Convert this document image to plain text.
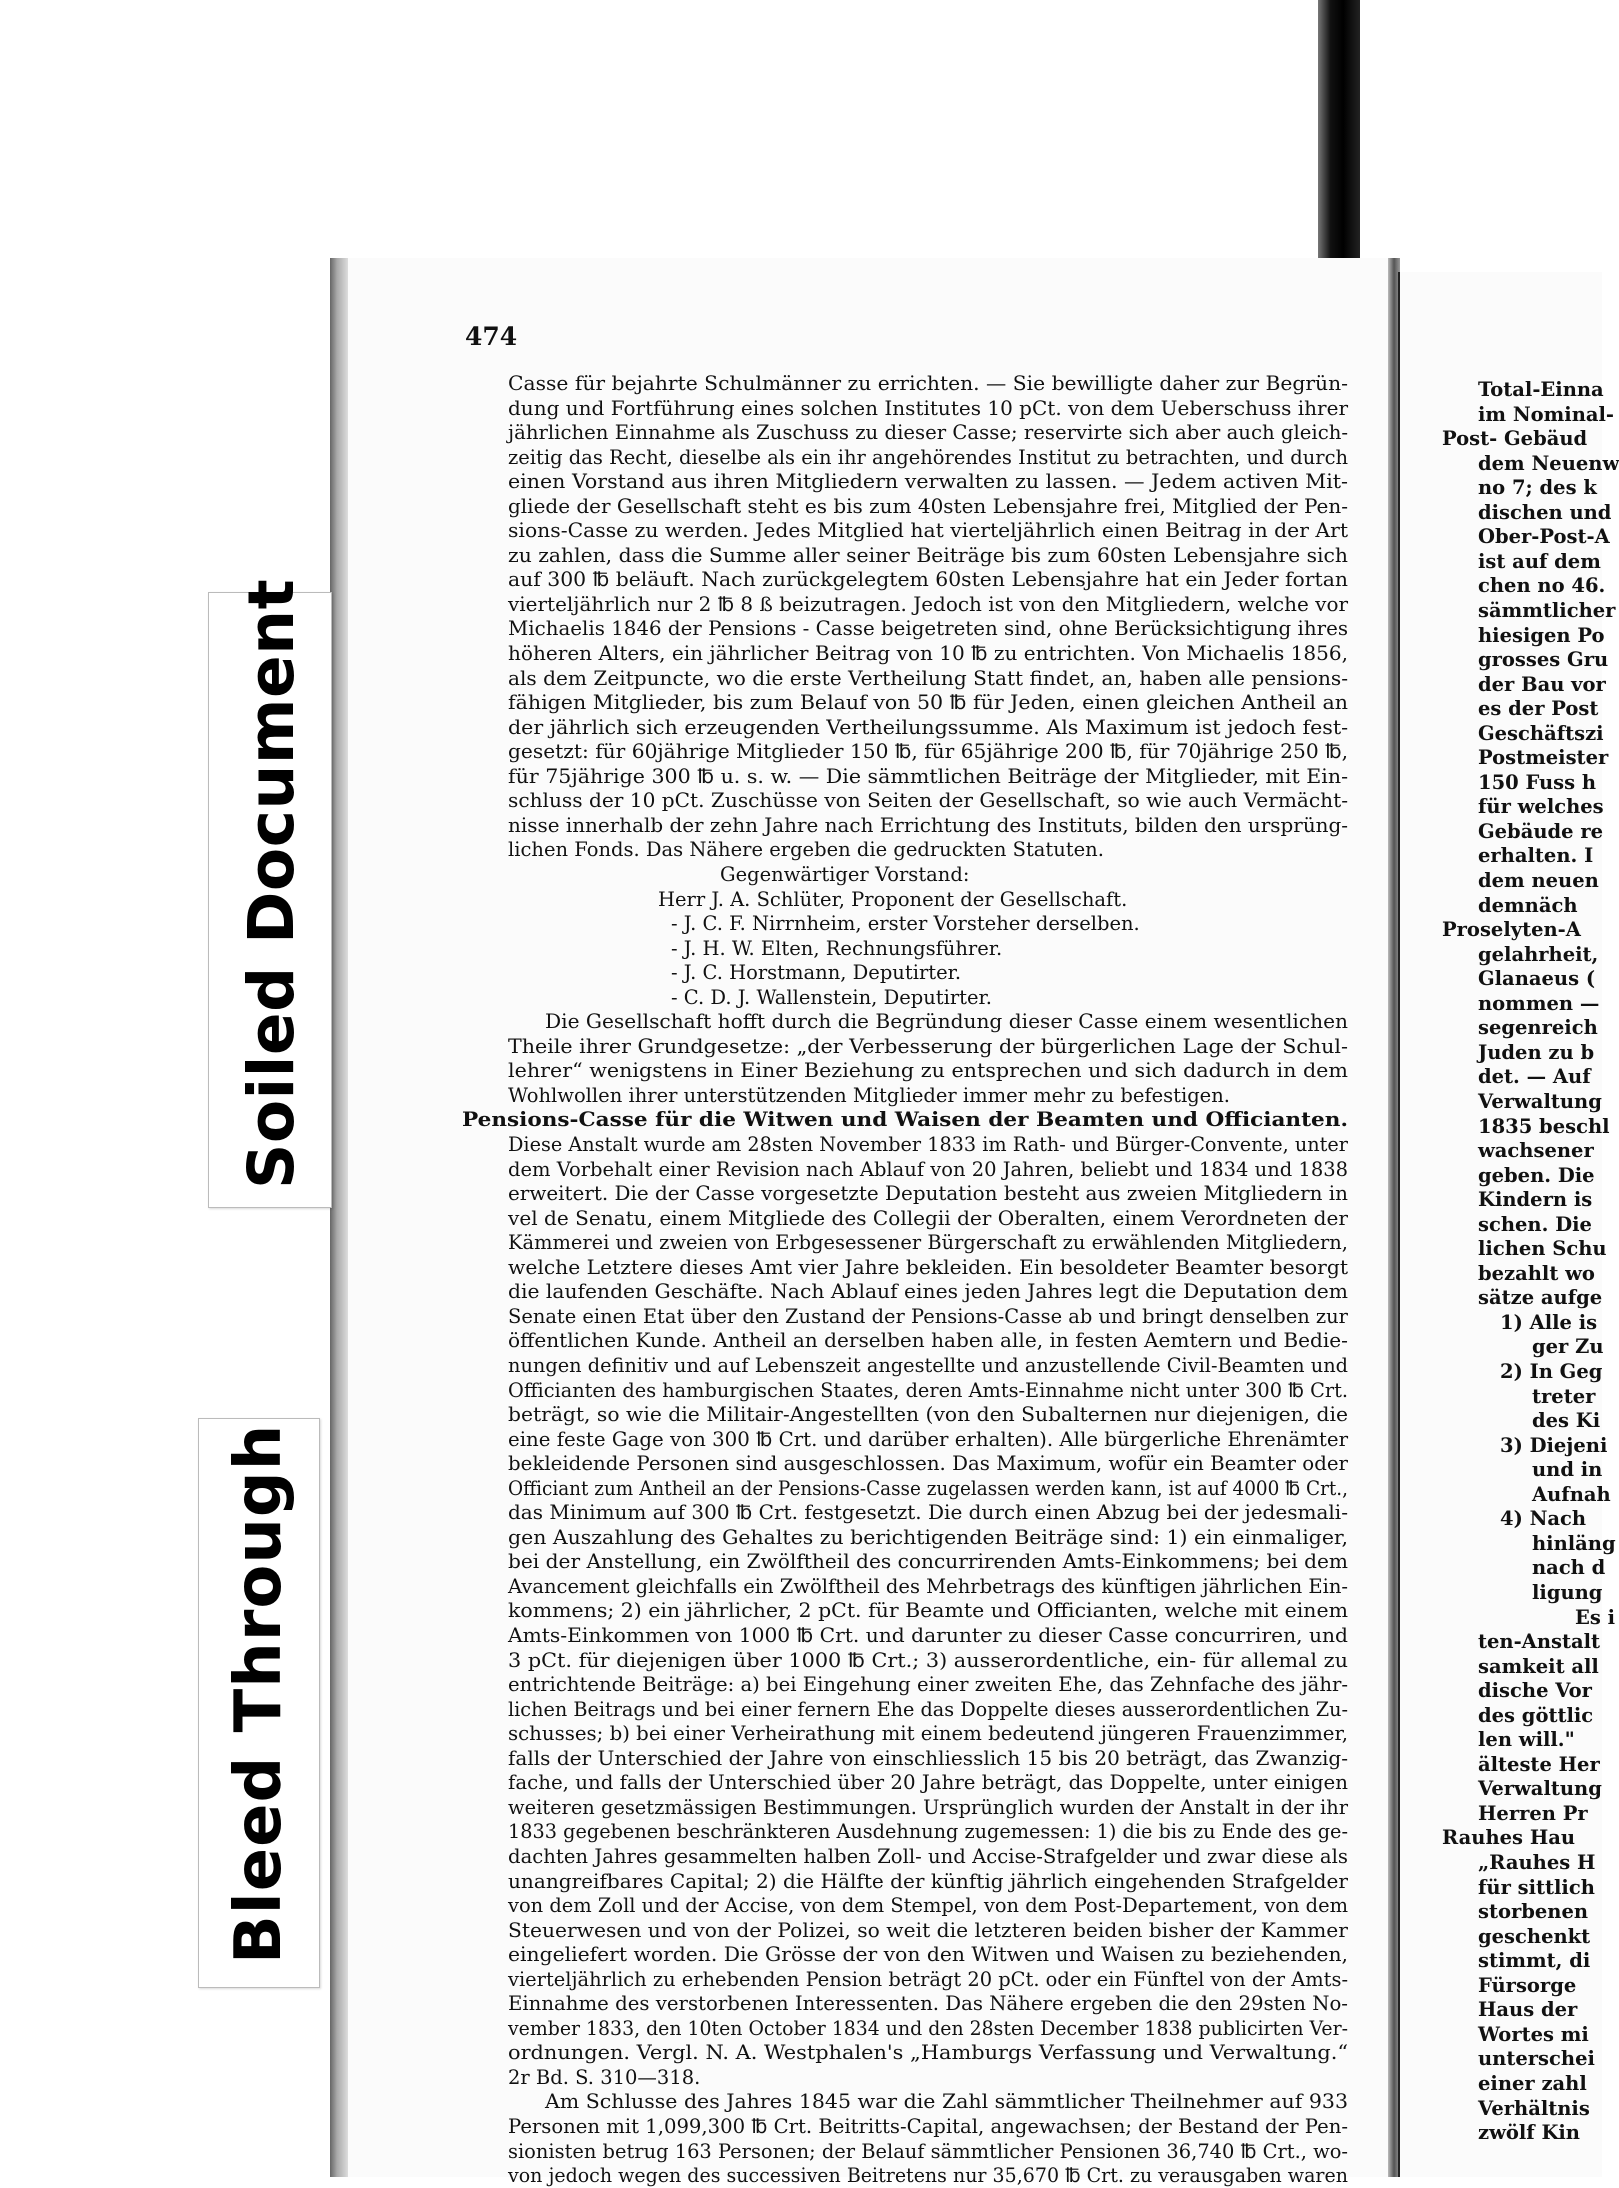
Soiled Document
Bleed Through
474
Casse für bejahrte Schulmänner zu errichten. — Sie bewilligte daher zur Begrün-
dung und Fortführung eines solchen Institutes 10 pCt. von dem Ueberschuss ihrer
jährlichen Einnahme als Zuschuss zu dieser Casse; reservirte sich aber auch gleich-
zeitig das Recht, dieselbe als ein ihr angehörendes Institut zu betrachten, und durch
einen Vorstand aus ihren Mitgliedern verwalten zu lassen. — Jedem activen Mit-
gliede der Gesellschaft steht es bis zum 40sten Lebensjahre frei, Mitglied der Pen-
sions-Casse zu werden. Jedes Mitglied hat vierteljährlich einen Beitrag in der Art
zu zahlen, dass die Summe aller seiner Beiträge bis zum 60sten Lebensjahre sich
auf 300 ℔ beläuft. Nach zurückgelegtem 60sten Lebensjahre hat ein Jeder fortan
vierteljährlich nur 2 ℔ 8 ß beizutragen. Jedoch ist von den Mitgliedern, welche vor
Michaelis 1846 der Pensions - Casse beigetreten sind, ohne Berücksichtigung ihres
höheren Alters, ein jährlicher Beitrag von 10 ℔ zu entrichten. Von Michaelis 1856,
als dem Zeitpuncte, wo die erste Vertheilung Statt findet, an, haben alle pensions-
fähigen Mitglieder, bis zum Belauf von 50 ℔ für Jeden, einen gleichen Antheil an
der jährlich sich erzeugenden Vertheilungssumme. Als Maximum ist jedoch fest-
gesetzt: für 60jährige Mitglieder 150 ℔, für 65jährige 200 ℔, für 70jährige 250 ℔,
für 75jährige 300 ℔ u. s. w. — Die sämmtlichen Beiträge der Mitglieder, mit Ein-
schluss der 10 pCt. Zuschüsse von Seiten der Gesellschaft, so wie auch Vermächt-
nisse innerhalb der zehn Jahre nach Errichtung des Instituts, bilden den ursprüng-
lichen Fonds. Das Nähere ergeben die gedruckten Statuten.
Gegenwärtiger Vorstand:
Herr J. A. Schlüter, Proponent der Gesellschaft.
- J. C. F. Nirrnheim, erster Vorsteher derselben.
- J. H. W. Elten, Rechnungsführer.
- J. C. Horstmann, Deputirter.
- C. D. J. Wallenstein, Deputirter.
Die Gesellschaft hofft durch die Begründung dieser Casse einem wesentlichen
Theile ihrer Grundgesetze: „der Verbesserung der bürgerlichen Lage der Schul-
lehrer“ wenigstens in Einer Beziehung zu entsprechen und sich dadurch in dem
Wohlwollen ihrer unterstützenden Mitglieder immer mehr zu befestigen.
Pensions-Casse für die Witwen und Waisen der Beamten und Officianten.
Diese Anstalt wurde am 28sten November 1833 im Rath- und Bürger-Convente, unter
dem Vorbehalt einer Revision nach Ablauf von 20 Jahren, beliebt und 1834 und 1838
erweitert. Die der Casse vorgesetzte Deputation besteht aus zweien Mitgliedern in
vel de Senatu, einem Mitgliede des Collegii der Oberalten, einem Verordneten der
Kämmerei und zweien von Erbgesessener Bürgerschaft zu erwählenden Mitgliedern,
welche Letztere dieses Amt vier Jahre bekleiden. Ein besoldeter Beamter besorgt
die laufenden Geschäfte. Nach Ablauf eines jeden Jahres legt die Deputation dem
Senate einen Etat über den Zustand der Pensions-Casse ab und bringt denselben zur
öffentlichen Kunde. Antheil an derselben haben alle, in festen Aemtern und Bedie-
nungen definitiv und auf Lebenszeit angestellte und anzustellende Civil-Beamten und
Officianten des hamburgischen Staates, deren Amts-Einnahme nicht unter 300 ℔ Crt.
beträgt, so wie die Militair-Angestellten (von den Subalternen nur diejenigen, die
eine feste Gage von 300 ℔ Crt. und darüber erhalten). Alle bürgerliche Ehrenämter
bekleidende Personen sind ausgeschlossen. Das Maximum, wofür ein Beamter oder
Officiant zum Antheil an der Pensions-Casse zugelassen werden kann, ist auf 4000 ℔ Crt.,
das Minimum auf 300 ℔ Crt. festgesetzt. Die durch einen Abzug bei der jedesmali-
gen Auszahlung des Gehaltes zu berichtigenden Beiträge sind: 1) ein einmaliger,
bei der Anstellung, ein Zwölftheil des concurrirenden Amts-Einkommens; bei dem
Avancement gleichfalls ein Zwölftheil des Mehrbetrags des künftigen jährlichen Ein-
kommens; 2) ein jährlicher, 2 pCt. für Beamte und Officianten, welche mit einem
Amts-Einkommen von 1000 ℔ Crt. und darunter zu dieser Casse concurriren, und
3 pCt. für diejenigen über 1000 ℔ Crt.; 3) ausserordentliche, ein- für allemal zu
entrichtende Beiträge: a) bei Eingehung einer zweiten Ehe, das Zehnfache des jähr-
lichen Beitrags und bei einer fernern Ehe das Doppelte dieses ausserordentlichen Zu-
schusses; b) bei einer Verheirathung mit einem bedeutend jüngeren Frauenzimmer,
falls der Unterschied der Jahre von einschliesslich 15 bis 20 beträgt, das Zwanzig-
fache, und falls der Unterschied über 20 Jahre beträgt, das Doppelte, unter einigen
weiteren gesetzmässigen Bestimmungen. Ursprünglich wurden der Anstalt in der ihr
1833 gegebenen beschränkteren Ausdehnung zugemessen: 1) die bis zu Ende des ge-
dachten Jahres gesammelten halben Zoll- und Accise-Strafgelder und zwar diese als
unangreifbares Capital; 2) die Hälfte der künftig jährlich eingehenden Strafgelder
von dem Zoll und der Accise, von dem Stempel, von dem Post-Departement, von dem
Steuerwesen und von der Polizei, so weit die letzteren beiden bisher der Kammer
eingeliefert worden. Die Grösse der von den Witwen und Waisen zu beziehenden,
vierteljährlich zu erhebenden Pension beträgt 20 pCt. oder ein Fünftel von der Amts-
Einnahme des verstorbenen Interessenten. Das Nähere ergeben die den 29sten No-
vember 1833, den 10ten October 1834 und den 28sten December 1838 publicirten Ver-
ordnungen. Vergl. N. A. Westphalen's „Hamburgs Verfassung und Verwaltung.“
2r Bd. S. 310—318.
Am Schlusse des Jahres 1845 war die Zahl sämmtlicher Theilnehmer auf 933
Personen mit 1,099,300 ℔ Crt. Beitritts-Capital, angewachsen; der Bestand der Pen-
sionisten betrug 163 Personen; der Belauf sämmtlicher Pensionen 36,740 ℔ Crt., wo-
von jedoch wegen des successiven Beitretens nur 35,670 ℔ Crt. zu verausgaben waren
Total-Einna
im Nominal-
Post- Gebäud
dem Neuenw
no 7; des k
dischen und
Ober-Post-A
ist auf dem
chen no 46.
sämmtlicher
hiesigen Po
grosses Gru
der Bau vor
es der Post
Geschäftszi
Postmeister
150 Fuss h
für welches
Gebäude re
erhalten. I
dem neuen
demnäch
Proselyten-A
gelahrheit,
Glanaeus (
nommen —
segenreich
Juden zu b
det. — Auf
Verwaltung
1835 beschl
wachsener
geben. Die
Kindern is
schen. Die
lichen Schu
bezahlt wo
sätze aufge
1) Alle is
ger Zu
2) In Geg
treter
des Ki
3) Diejeni
und in
Aufnah
4) Nach
hinläng
nach d
ligung
Es i
ten-Anstalt
samkeit all
dische Vor
des göttlic
len will."
älteste Her
Verwaltung
Herren Pr
Rauhes Hau
„Rauhes H
für sittlich
storbenen
geschenkt
stimmt, di
Fürsorge
Haus der
Wortes mi
unterschei
einer zahl
Verhältnis
zwölf Kin
